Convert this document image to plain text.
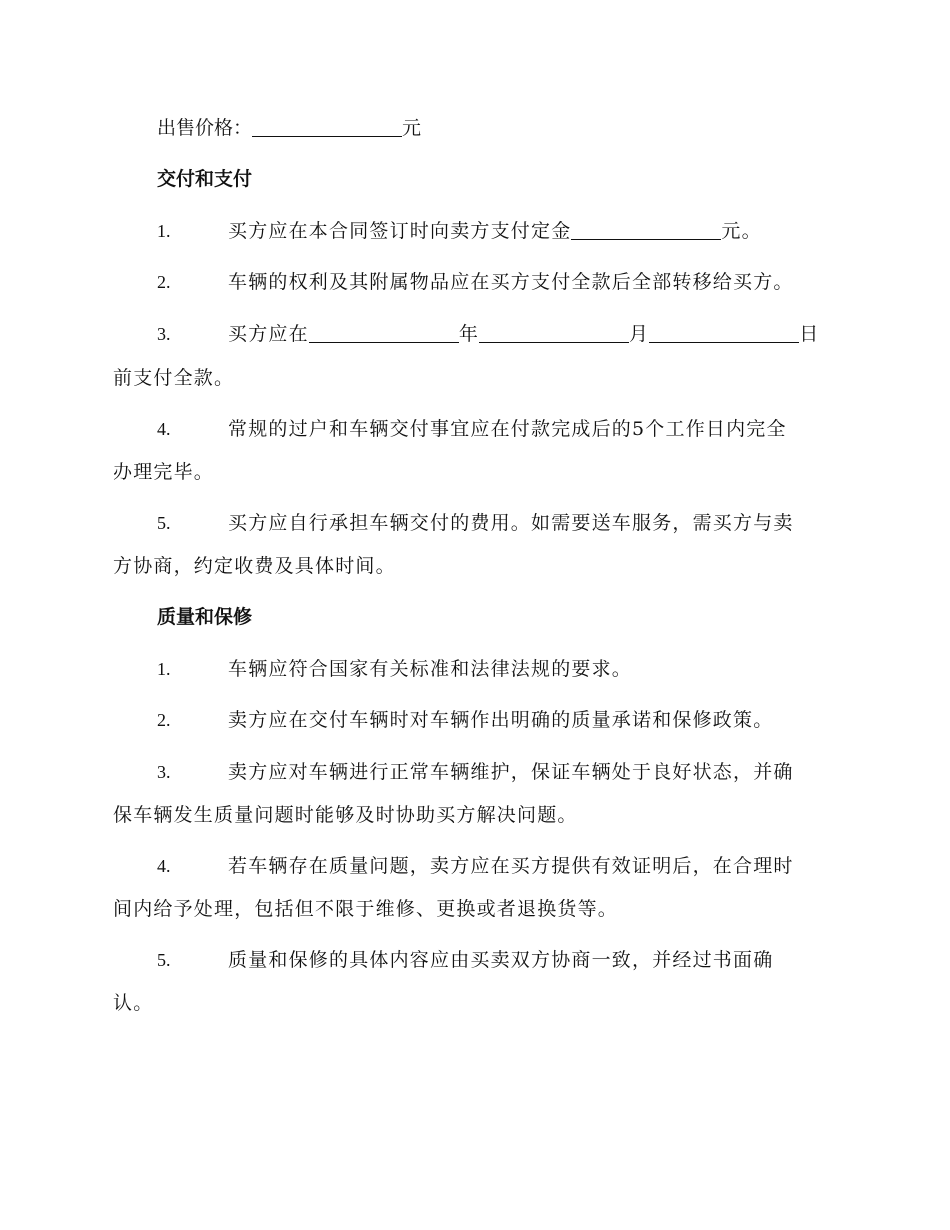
出售价格：	元
交付和支付
1.	买方应在本合同签订时向卖方支付定金	元。
2.	车辆的权利及其附属物品应在买方支付全款后全部转移给买方。
3.	买方应在	年	月	日
前支付全款。
4.	常规的过户和车辆交付事宜应在付款完成后的5个工作日内完全
办理完毕。
5.	买方应自行承担车辆交付的费用。如需要送车服务，需买方与卖
方协商，约定收费及具体时间。
质量和保修
1.	车辆应符合国家有关标准和法律法规的要求。
2.	卖方应在交付车辆时对车辆作出明确的质量承诺和保修政策。
3.	卖方应对车辆进行正常车辆维护，保证车辆处于良好状态，并确
保车辆发生质量问题时能够及时协助买方解决问题。
4.	若车辆存在质量问题，卖方应在买方提供有效证明后，在合理时
间内给予处理，包括但不限于维修、更换或者退换货等。
5.	质量和保修的具体内容应由买卖双方协商一致，并经过书面确
认。
